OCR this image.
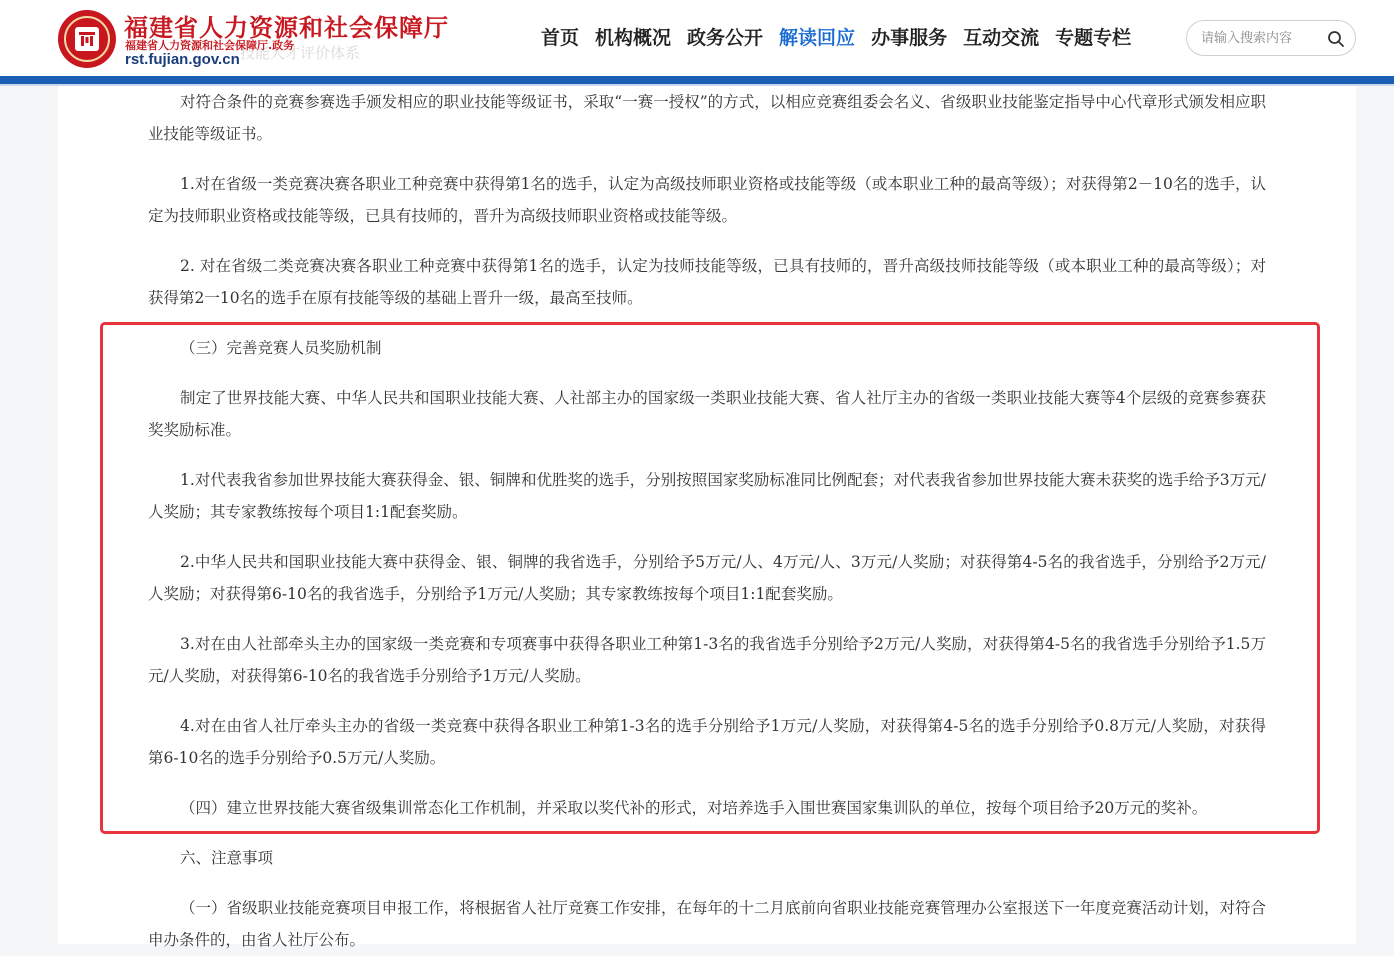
技能人才评价体系
福建省人力资源和社会保障厅
福建省人力资源和社会保障厅.政务
rst.fujian.gov.cn
首页 机构概况 政务公开 解读回应 办事服务 互动交流 专题专栏
请输入搜索内容

对符合条件的竞赛参赛选手颁发相应的职业技能等级证书，采取“一赛一授权”的方式，以相应竞赛组委会名义、省级职业技能鉴定指导中心代章形式颁发相应职业技能等级证书。

1.对在省级一类竞赛决赛各职业工种竞赛中获得第1名的选手，认定为高级技师职业资格或技能等级（或本职业工种的最高等级）；对获得第2－10名的选手，认定为技师职业资格或技能等级，已具有技师的，晋升为高级技师职业资格或技能等级。

2. 对在省级二类竞赛决赛各职业工种竞赛中获得第1名的选手，认定为技师技能等级，已具有技师的，晋升高级技师技能等级（或本职业工种的最高等级）；对获得第2一10名的选手在原有技能等级的基础上晋升一级，最高至技师。

（三）完善竞赛人员奖励机制

制定了世界技能大赛、中华人民共和国职业技能大赛、人社部主办的国家级一类职业技能大赛、省人社厅主办的省级一类职业技能大赛等4个层级的竞赛参赛获奖奖励标准。

1.对代表我省参加世界技能大赛获得金、银、铜牌和优胜奖的选手，分别按照国家奖励标准同比例配套；对代表我省参加世界技能大赛未获奖的选手给予3万元/人奖励；其专家教练按每个项目1:1配套奖励。

2.中华人民共和国职业技能大赛中获得金、银、铜牌的我省选手，分别给予5万元/人、4万元/人、3万元/人奖励；对获得第4-5名的我省选手，分别给予2万元/人奖励；对获得第6-10名的我省选手，分别给予1万元/人奖励；其专家教练按每个项目1:1配套奖励。

3.对在由人社部牵头主办的国家级一类竞赛和专项赛事中获得各职业工种第1-3名的我省选手分别给予2万元/人奖励，对获得第4-5名的我省选手分别给予1.5万元/人奖励，对获得第6-10名的我省选手分别给予1万元/人奖励。

4.对在由省人社厅牵头主办的省级一类竞赛中获得各职业工种第1-3名的选手分别给予1万元/人奖励，对获得第4-5名的选手分别给予0.8万元/人奖励，对获得第6-10名的选手分别给予0.5万元/人奖励。

（四）建立世界技能大赛省级集训常态化工作机制，并采取以奖代补的形式，对培养选手入围世赛国家集训队的单位，按每个项目给予20万元的奖补。

六、注意事项

（一）省级职业技能竞赛项目申报工作，将根据省人社厅竞赛工作安排，在每年的十二月底前向省职业技能竞赛管理办公室报送下一年度竞赛活动计划，对符合申办条件的，由省人社厅公布。
